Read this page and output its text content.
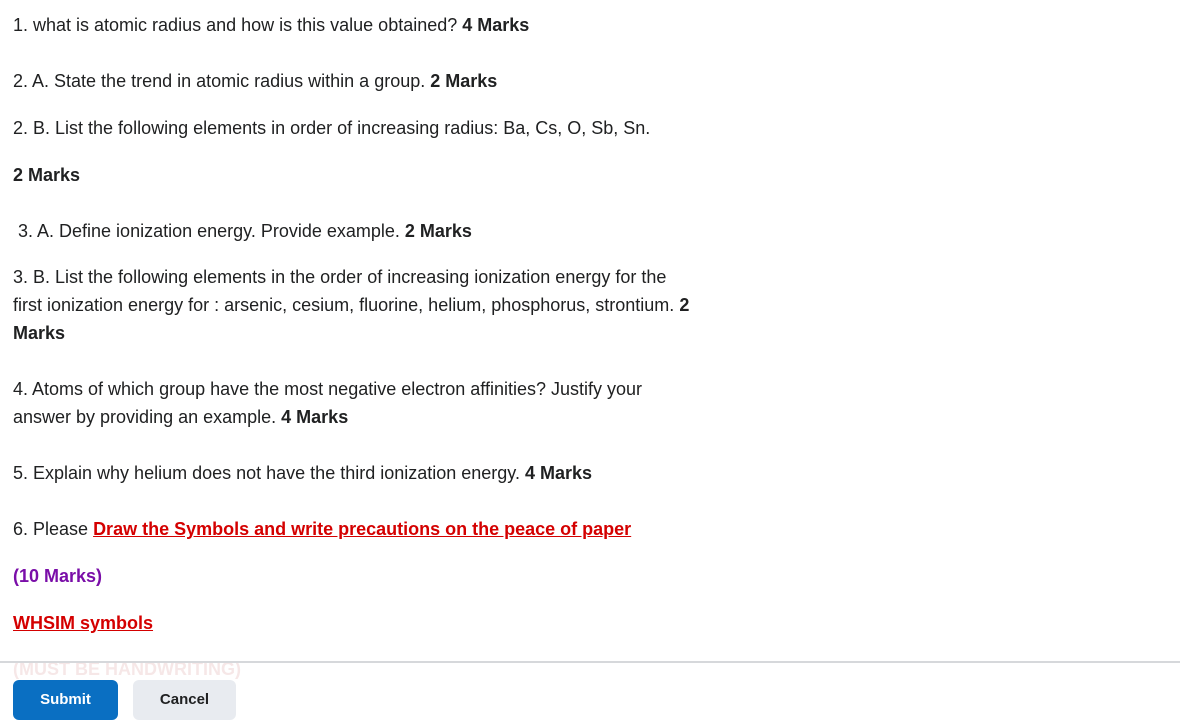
1. what is atomic radius and how is this value obtained? 4 Marks
2. A. State the trend in atomic radius within a group. 2 Marks
2. B. List the following elements in order of increasing radius: Ba, Cs, O, Sb, Sn.
2 Marks
3. A. Define ionization energy. Provide example. 2 Marks
3. B. List the following elements in the order of increasing ionization energy for the
first ionization energy for : arsenic, cesium, fluorine, helium, phosphorus, strontium. 2
Marks
4. Atoms of which group have the most negative electron affinities? Justify your
answer by providing an example. 4 Marks
5. Explain why helium does not have the third ionization energy. 4 Marks
6. Please Draw the Symbols and write precautions on the peace of paper
(10 Marks)
WHSIM symbols
Submit	Cancel
